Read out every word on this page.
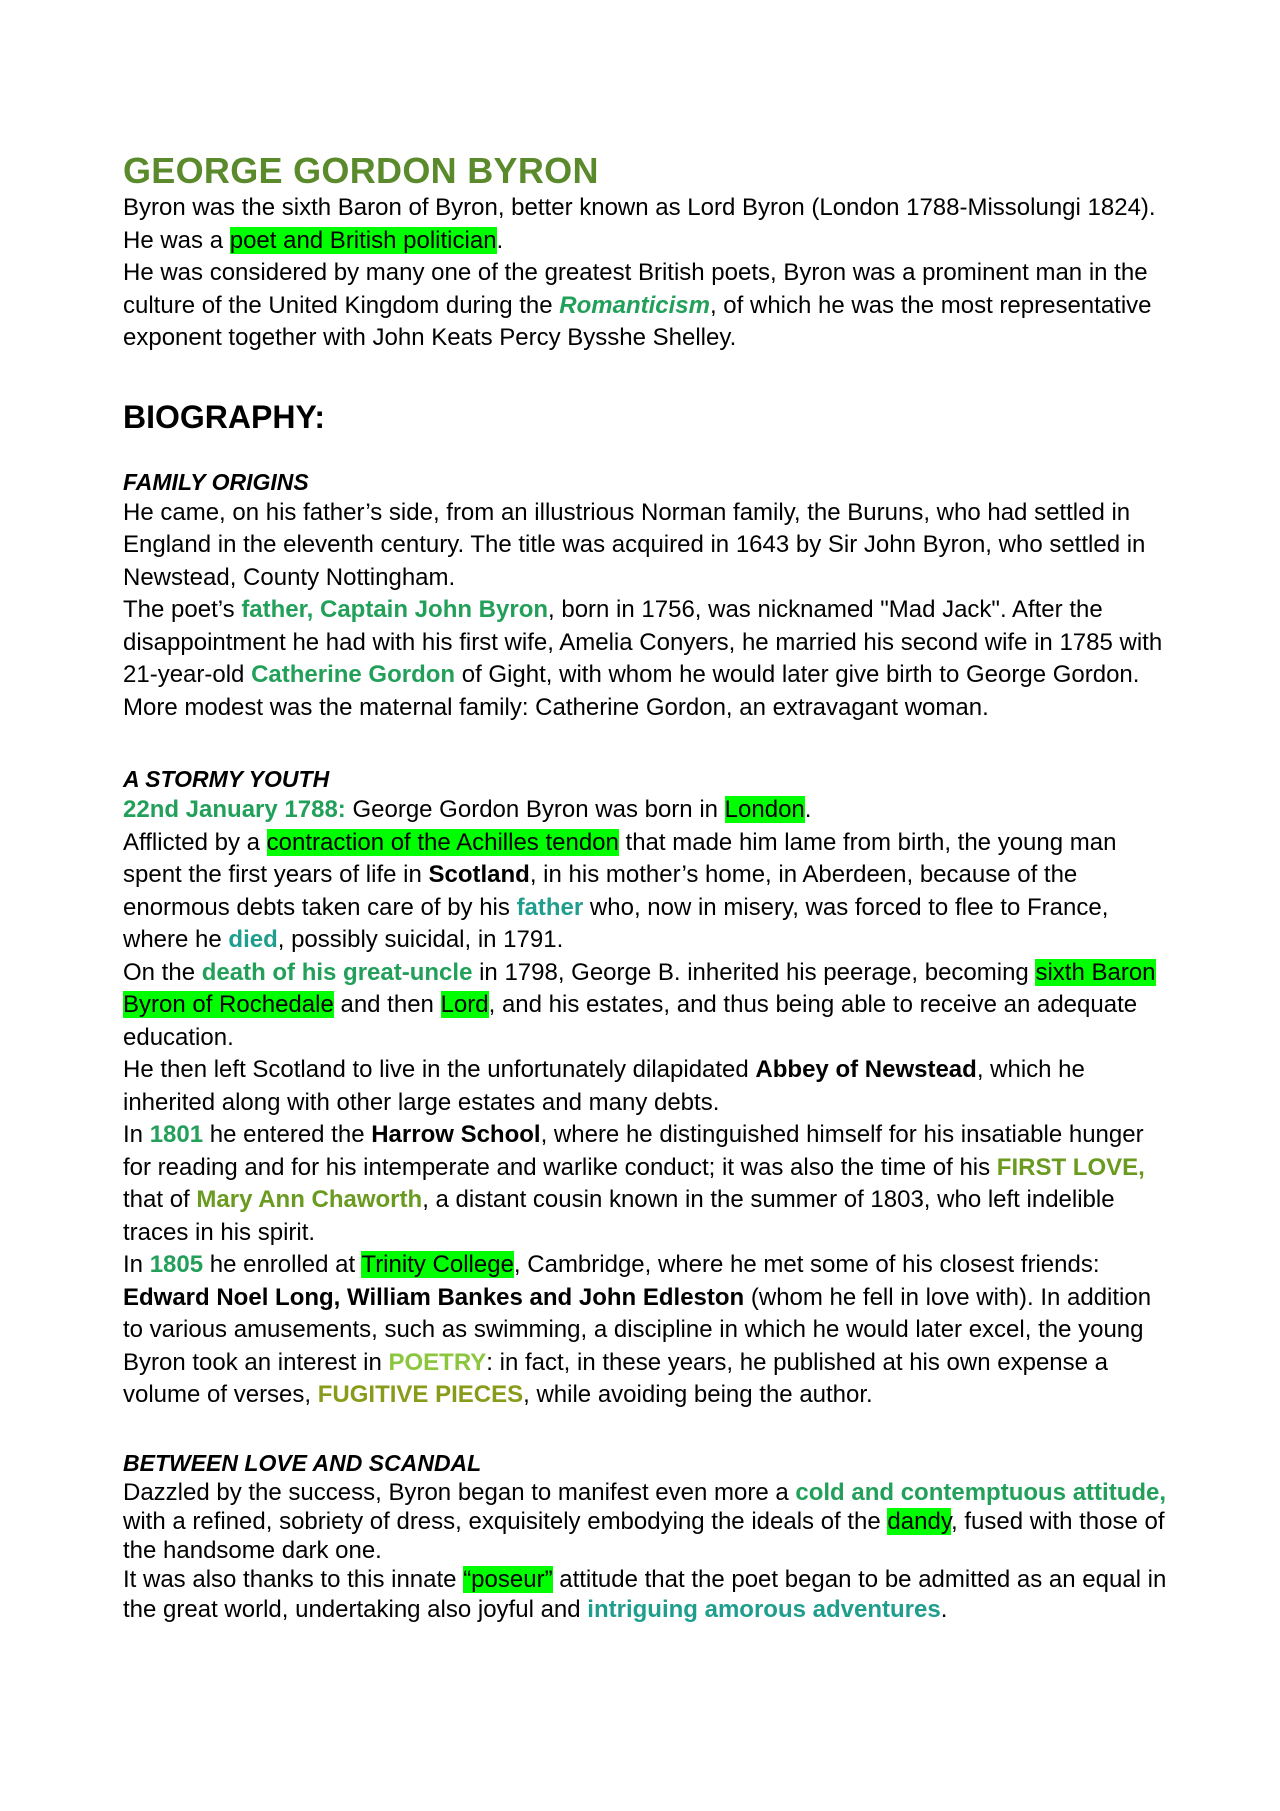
GEORGE GORDON BYRON

Byron was the sixth Baron of Byron, better known as Lord Byron (London 1788-Missolungi 1824). He was a poet and British politician.

He was considered by many one of the greatest British poets, Byron was a prominent man in the culture of the United Kingdom during the Romanticism, of which he was the most representative exponent together with John Keats Percy Bysshe Shelley.

BIOGRAPHY:

FAMILY ORIGINS

He came, on his father’s side, from an illustrious Norman family, the Buruns, who had settled in England in the eleventh century. The title was acquired in 1643 by Sir John Byron, who settled in Newstead, County Nottingham.

The poet’s father, Captain John Byron, born in 1756, was nicknamed "Mad Jack". After the disappointment he had with his first wife, Amelia Conyers, he married his second wife in 1785 with 21-year-old Catherine Gordon of Gight, with whom he would later give birth to George Gordon. More modest was the maternal family: Catherine Gordon, an extravagant woman.

A STORMY YOUTH

22nd January 1788: George Gordon Byron was born in London.

Afflicted by a contraction of the Achilles tendon that made him lame from birth, the young man spent the first years of life in Scotland, in his mother’s home, in Aberdeen, because of the enormous debts taken care of by his father who, now in misery, was forced to flee to France, where he died, possibly suicidal, in 1791.

On the death of his great-uncle in 1798, George B. inherited his peerage, becoming sixth Baron Byron of Rochedale and then Lord, and his estates, and thus being able to receive an adequate education.

He then left Scotland to live in the unfortunately dilapidated Abbey of Newstead, which he inherited along with other large estates and many debts.

In 1801 he entered the Harrow School, where he distinguished himself for his insatiable hunger for reading and for his intemperate and warlike conduct; it was also the time of his FIRST LOVE, that of Mary Ann Chaworth, a distant cousin known in the summer of 1803, who left indelible traces in his spirit.

In 1805 he enrolled at Trinity College, Cambridge, where he met some of his closest friends: Edward Noel Long, William Bankes and John Edleston (whom he fell in love with). In addition to various amusements, such as swimming, a discipline in which he would later excel, the young Byron took an interest in POETRY: in fact, in these years, he published at his own expense a volume of verses, FUGITIVE PIECES, while avoiding being the author.

BETWEEN LOVE AND SCANDAL

Dazzled by the success, Byron began to manifest even more a cold and contemptuous attitude, with a refined, sobriety of dress, exquisitely embodying the ideals of the dandy, fused with those of the handsome dark one.

It was also thanks to this innate “poseur” attitude that the poet began to be admitted as an equal in the great world, undertaking also joyful and intriguing amorous adventures.
